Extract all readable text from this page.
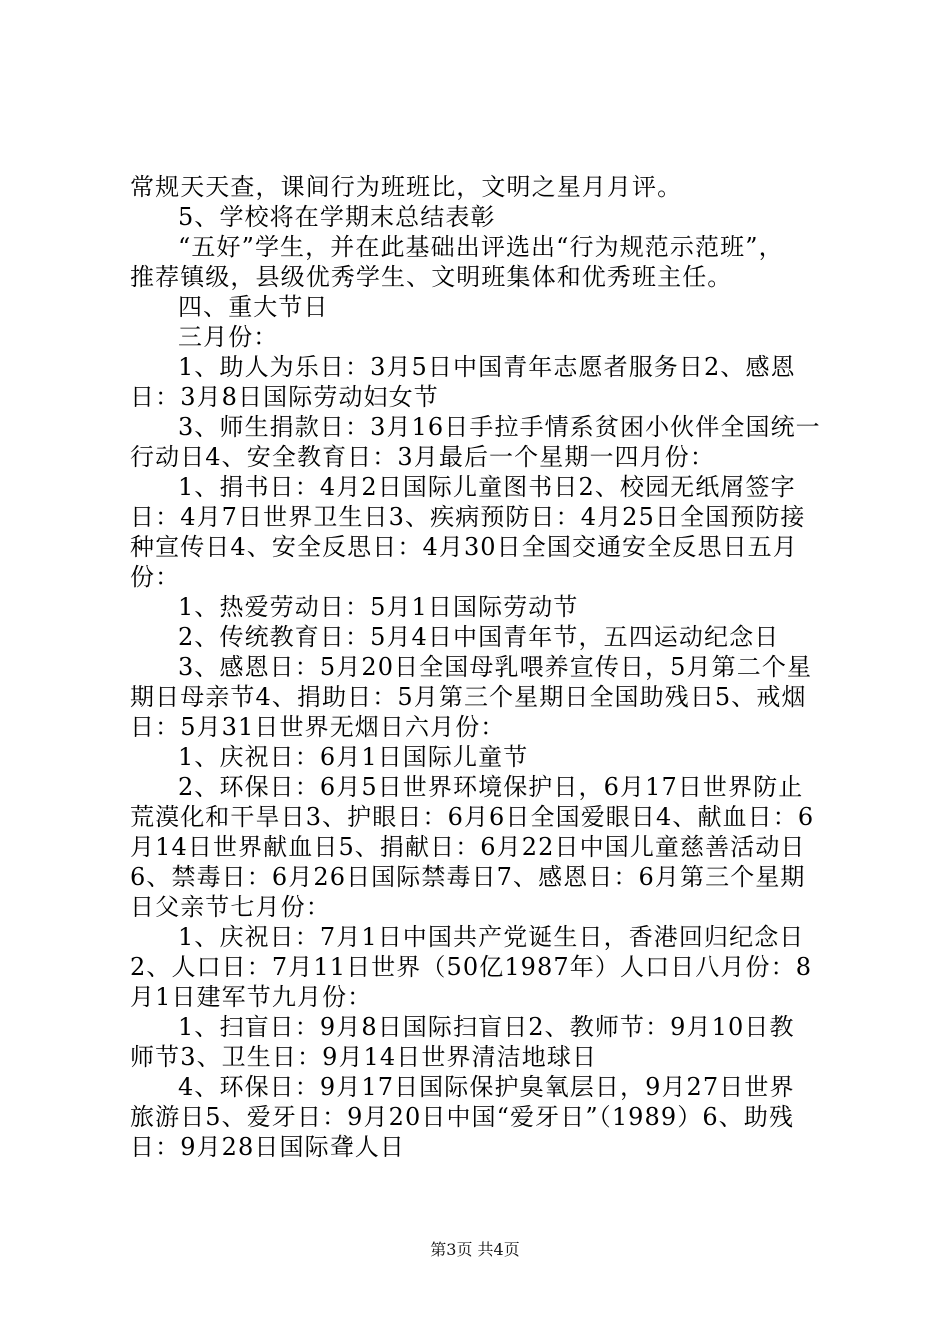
常规天天查，课间行为班班比，文明之星月月评。
5、学校将在学期末总结表彰
“五好”学生，并在此基础出评选出“行为规范示范班”，
推荐镇级，县级优秀学生、文明班集体和优秀班主任。
四、重大节日
三月份：
1、助人为乐日：3月5日中国青年志愿者服务日2、感恩
日：3月8日国际劳动妇女节
3、师生捐款日：3月16日手拉手情系贫困小伙伴全国统一
行动日4、安全教育日：3月最后一个星期一四月份：
1、捐书日：4月2日国际儿童图书日2、校园无纸屑签字
日：4月7日世界卫生日3、疾病预防日：4月25日全国预防接
种宣传日4、安全反思日：4月30日全国交通安全反思日五月
份：
1、热爱劳动日：5月1日国际劳动节
2、传统教育日：5月4日中国青年节，五四运动纪念日
3、感恩日：5月20日全国母乳喂养宣传日，5月第二个星
期日母亲节4、捐助日：5月第三个星期日全国助残日5、戒烟
日：5月31日世界无烟日六月份：
1、庆祝日：6月1日国际儿童节
2、环保日：6月5日世界环境保护日，6月17日世界防止
荒漠化和干旱日3、护眼日：6月6日全国爱眼日4、献血日：6
月14日世界献血日5、捐献日：6月22日中国儿童慈善活动日
6、禁毒日：6月26日国际禁毒日7、感恩日：6月第三个星期
日父亲节七月份：
1、庆祝日：7月1日中国共产党诞生日，香港回归纪念日
2、人口日：7月11日世界（50亿1987年）人口日八月份：8
月1日建军节九月份：
1、扫盲日：9月8日国际扫盲日2、教师节：9月10日教
师节3、卫生日：9月14日世界清洁地球日
4、环保日：9月17日国际保护臭氧层日，9月27日世界
旅游日5、爱牙日：9月20日中国“爱牙日”（1989）6、助残
日：9月28日国际聋人日
第3页 共4页
